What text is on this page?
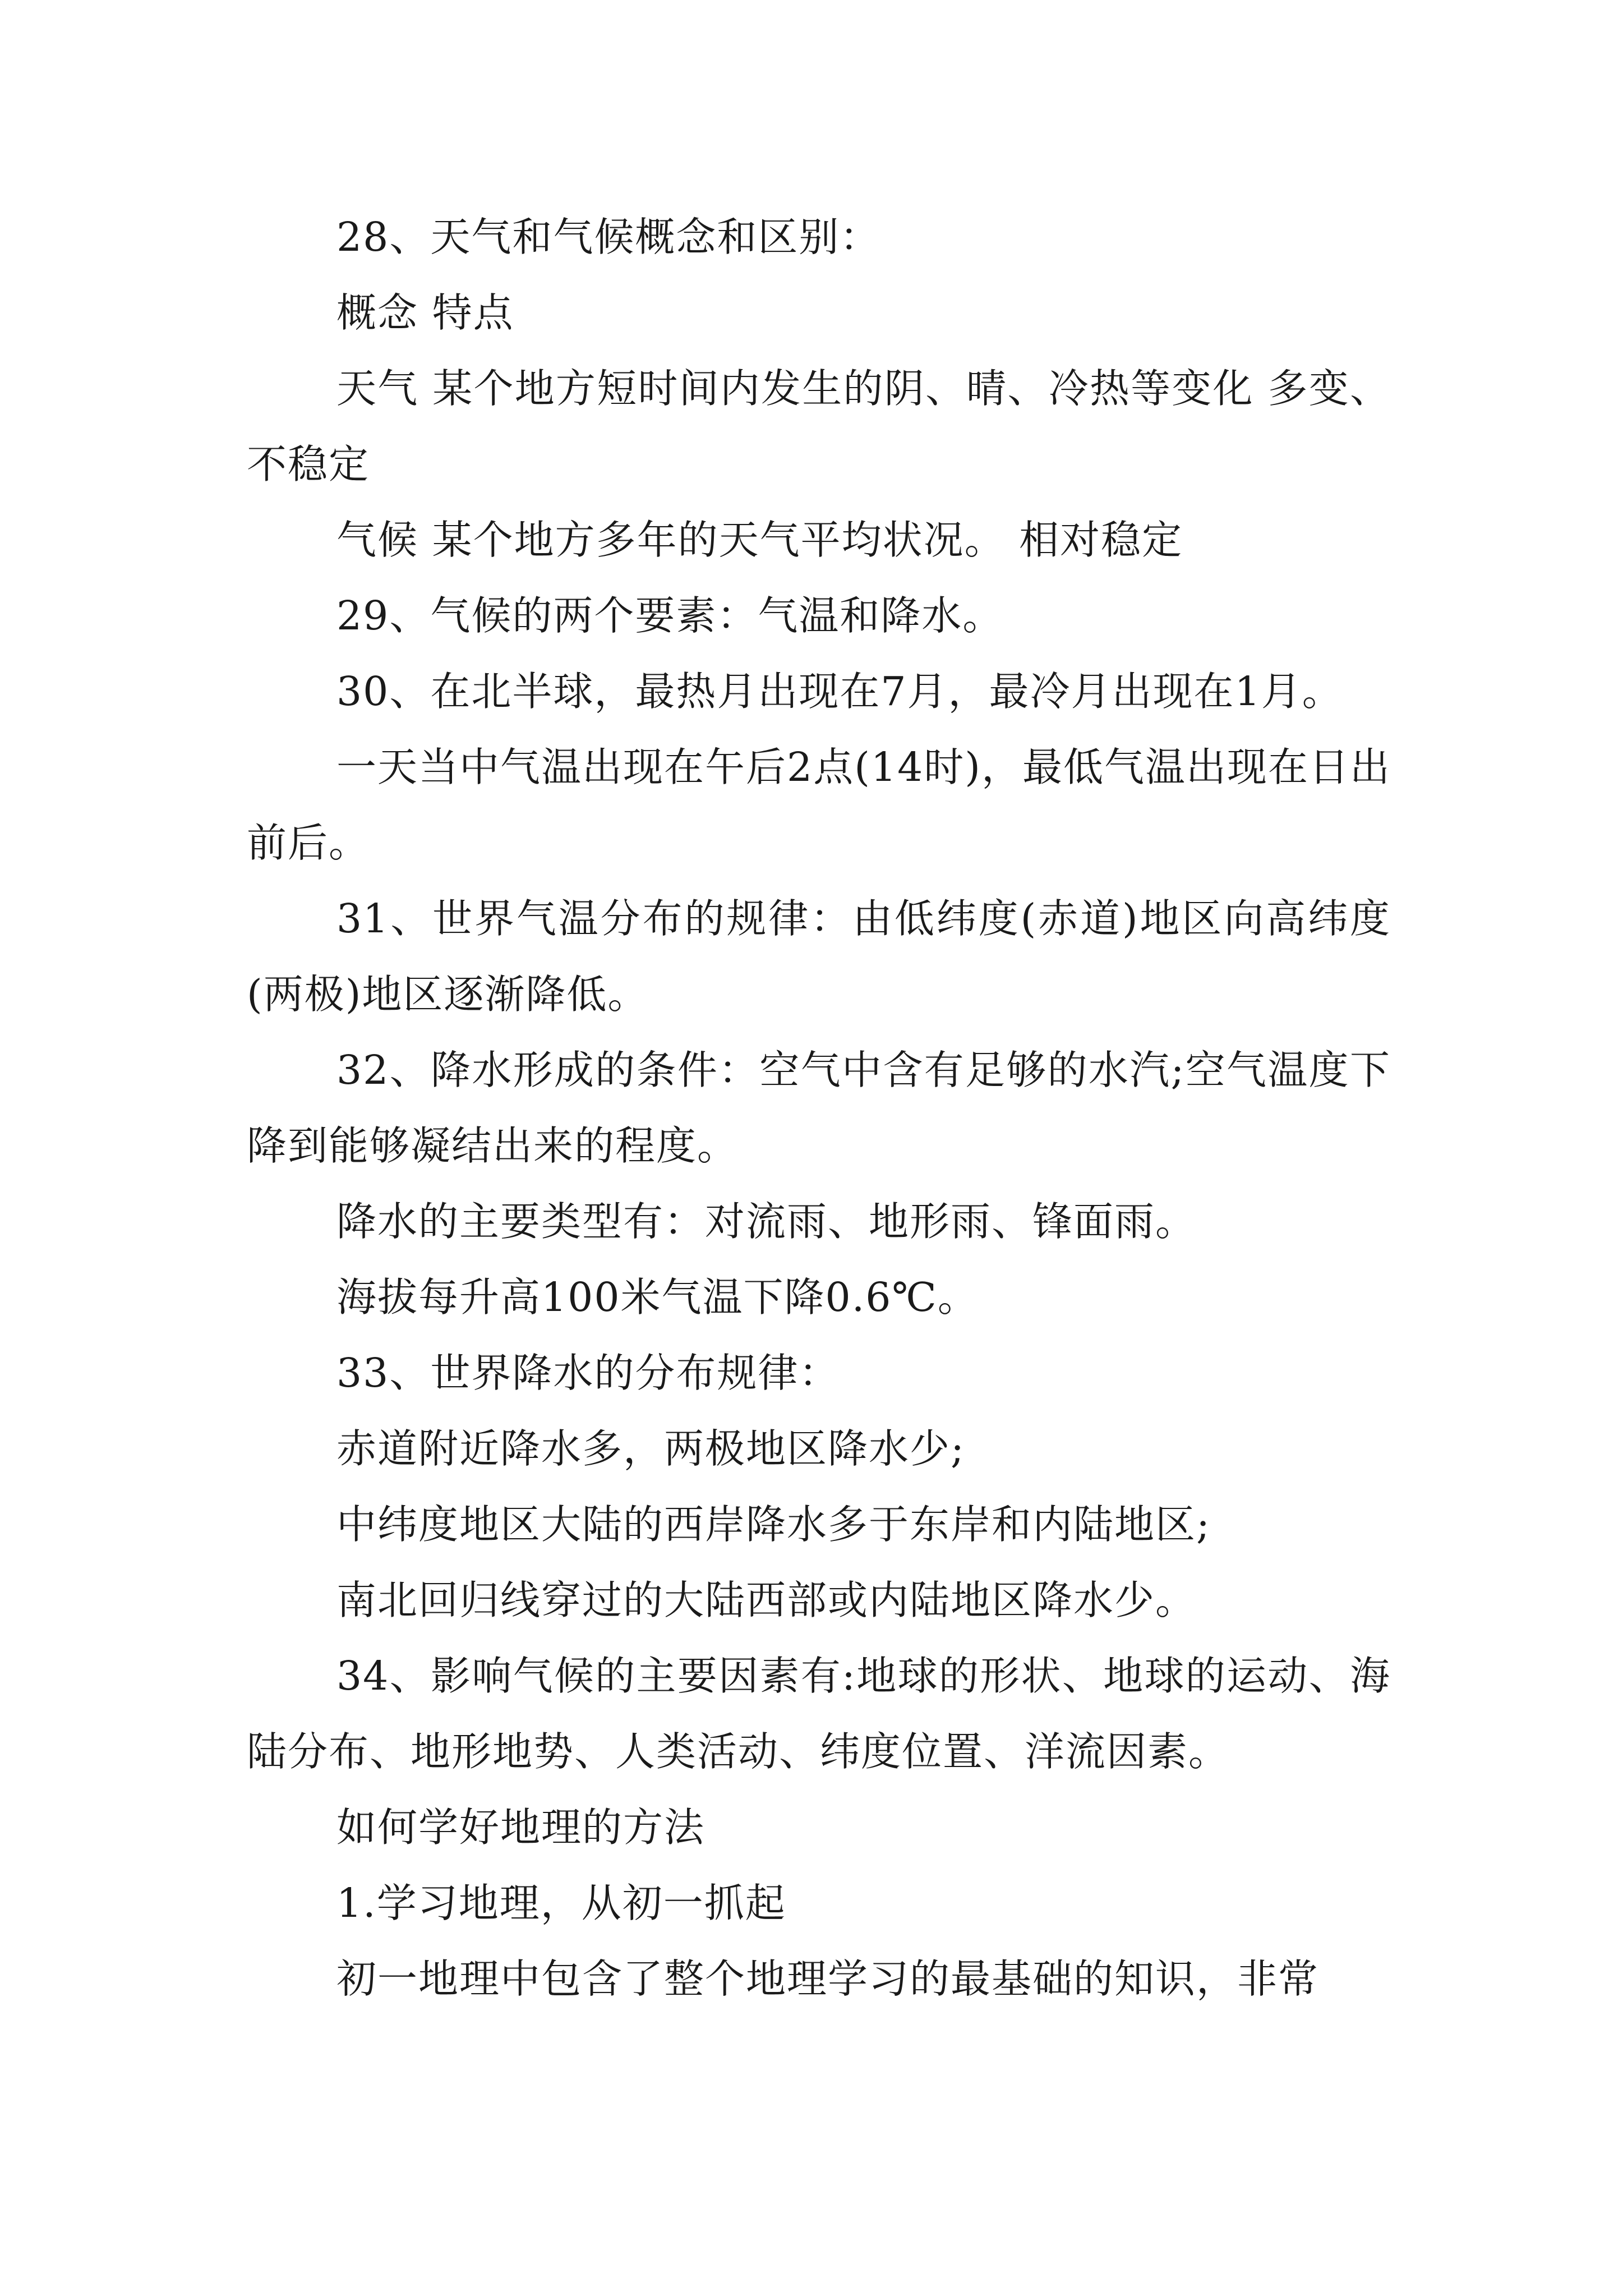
28、天气和气候概念和区别：

概念 特点

天气 某个地方短时间内发生的阴、晴、冷热等变化 多变、不稳定

气候 某个地方多年的天气平均状况。 相对稳定

29、气候的两个要素：气温和降水。

30、在北半球，最热月出现在7月，最冷月出现在1月。

一天当中气温出现在午后2点(14时)，最低气温出现在日出前后。

31、世界气温分布的规律：由低纬度(赤道)地区向高纬度(两极)地区逐渐降低。

32、降水形成的条件：空气中含有足够的水汽;空气温度下降到能够凝结出来的程度。

降水的主要类型有：对流雨、地形雨、锋面雨。

海拔每升高100米气温下降0.6℃。

33、世界降水的分布规律：

赤道附近降水多，两极地区降水少;

中纬度地区大陆的西岸降水多于东岸和内陆地区;

南北回归线穿过的大陆西部或内陆地区降水少。

34、影响气候的主要因素有:地球的形状、地球的运动、海陆分布、地形地势、人类活动、纬度位置、洋流因素。

如何学好地理的方法

1.学习地理，从初一抓起

初一地理中包含了整个地理学习的最基础的知识，非常
